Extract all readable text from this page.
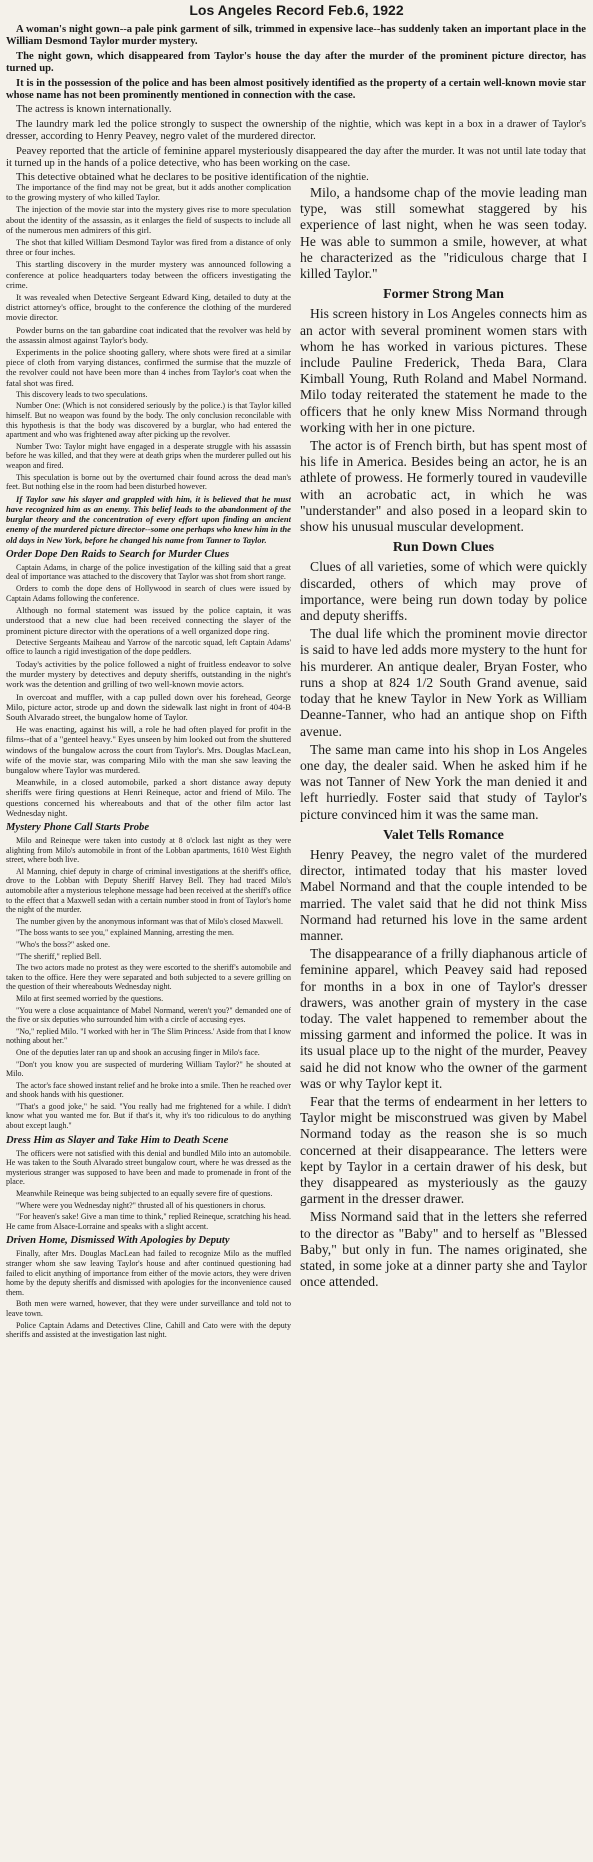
Los Angeles Record Feb.6, 1922

A woman's night gown--a pale pink garment of silk, trimmed in expensive lace--has suddenly taken an important place in the William Desmond Taylor murder mystery.

The night gown, which disappeared from Taylor's house the day after the murder of the prominent picture director, has turned up.

It is in the possession of the police and has been almost positively identified as the property of a certain well-known movie star whose name has not been prominently mentioned in connection with the case.

The actress is known internationally.

The laundry mark led the police strongly to suspect the ownership of the nightie, which was kept in a box in a drawer of Taylor's dresser, according to Henry Peavey, negro valet of the murdered director.

Peavey reported that the article of feminine apparel mysteriously disappeared the day after the murder. It was not until late today that it turned up in the hands of a police detective, who has been working on the case.

This detective obtained what he declares to be positive identification of the nightie.

The importance of the find may not be great, but it adds another complication to the growing mystery of who killed Taylor.

The injection of the movie star into the mystery gives rise to more speculation about the identity of the assassin, as it enlarges the field of suspects to include all of the numerous men admirers of this girl.

The shot that killed William Desmond Taylor was fired from a distance of only three or four inches.

This startling discovery in the murder mystery was announced following a conference at police headquarters today between the officers investigating the crime.

It was revealed when Detective Sergeant Edward King, detailed to duty at the district attorney's office, brought to the conference the clothing of the murdered movie director.

Powder burns on the tan gabardine coat indicated that the revolver was held by the assassin almost against Taylor's body.

Experiments in the police shooting gallery, where shots were fired at a similar piece of cloth from varying distances, confirmed the surmise that the muzzle of the revolver could not have been more than 4 inches from Taylor's coat when the fatal shot was fired.

This discovery leads to two speculations.

Number One: (Which is not considered seriously by the police.) is that Taylor killed himself. But no weapon was found by the body. The only conclusion reconcilable with this hypothesis is that the body was discovered by a burglar, who had entered the apartment and who was frightened away after picking up the revolver.

Number Two: Taylor might have engaged in a desperate struggle with his assassin before he was killed, and that they were at death grips when the murderer pulled out his weapon and fired.

This speculation is borne out by the overturned chair found across the dead man's feet. But nothing else in the room had been disturbed however.

If Taylor saw his slayer and grappled with him, it is believed that he must have recognized him as an enemy. This belief leads to the abandonment of the burglar theory and the concentration of every effort upon finding an ancient enemy of the murdered picture director--some one perhaps who knew him in the old days in New York, before he changed his name from Tanner to Taylor.

Order Dope Den Raids to Search for Murder Clues

Captain Adams, in charge of the police investigation of the killing said that a great deal of importance was attached to the discovery that Taylor was shot from short range.

Orders to comb the dope dens of Hollywood in search of clues were issued by Captain Adams following the conference.

Although no formal statement was issued by the police captain, it was understood that a new clue had been received connecting the slayer of the prominent picture director with the operations of a well organized dope ring.

Detective Sergeants Maiheau and Yarrow of the narcotic squad, left Captain Adams' office to launch a rigid investigation of the dope peddlers.

Today's activities by the police followed a night of fruitless endeavor to solve the murder mystery by detectives and deputy sheriffs, outstanding in the night's work was the detention and grilling of two well-known movie actors.

In overcoat and muffler, with a cap pulled down over his forehead, George Milo, picture actor, strode up and down the sidewalk last night in front of 404-B South Alvarado street, the bungalow home of Taylor.

He was enacting, against his will, a role he had often played for profit in the films--that of a "genteel heavy." Eyes unseen by him looked out from the shuttered windows of the bungalow across the court from Taylor's. Mrs. Douglas MacLean, wife of the movie star, was comparing Milo with the man she saw leaving the bungalow where Taylor was murdered.

Meanwhile, in a closed automobile, parked a short distance away deputy sheriffs were firing questions at Henri Reineque, actor and friend of Milo. The questions concerned his whereabouts and that of the other film actor last Wednesday night.

Mystery Phone Call Starts Probe

Milo and Reineque were taken into custody at 8 o'clock last night as they were alighting from Milo's automobile in front of the Lobban apartments, 1610 West Eighth street, where both live.

Al Manning, chief deputy in charge of criminal investigations at the sheriff's office, drove to the Lobban with Deputy Sheriff Harvey Bell. They had traced Milo's automobile after a mysterious telephone message had been received at the sheriff's office to the effect that a Maxwell sedan with a certain number stood in front of Taylor's home the night of the murder.

The number given by the anonymous informant was that of Milo's closed Maxwell.

"The boss wants to see you," explained Manning, arresting the men.

"Who's the boss?" asked one.

"The sheriff," replied Bell.

The two actors made no protest as they were escorted to the sheriff's automobile and taken to the office. Here they were separated and both subjected to a severe grilling on the question of their whereabouts Wednesday night.

Milo at first seemed worried by the questions.

"You were a close acquaintance of Mabel Normand, weren't you?" demanded one of the five or six deputies who surrounded him with a circle of accusing eyes.

"No," replied Milo. "I worked with her in 'The Slim Princess.' Aside from that I know nothing about her."

One of the deputies later ran up and shook an accusing finger in Milo's face.

"Don't you know you are suspected of murdering William Taylor?" he shouted at Milo.

The actor's face showed instant relief and he broke into a smile. Then he reached over and shook hands with his questioner.

"That's a good joke," he said. "You really had me frightened for a while. I didn't know what you wanted me for. But if that's it, why it's too ridiculous to do anything about except laugh."

Dress Him as Slayer and Take Him to Death Scene

The officers were not satisfied with this denial and bundled Milo into an automobile. He was taken to the South Alvarado street bungalow court, where he was dressed as the mysterious stranger was supposed to have been and made to promenade in front of the place.

Meanwhile Reineque was being subjected to an equally severe fire of questions.

"Where were you Wednesday night?" thrusted all of his questioners in chorus.

"For heaven's sake! Give a man time to think," replied Reineque, scratching his head. He came from Alsace-Lorraine and speaks with a slight accent.

Driven Home, Dismissed With Apologies by Deputy

Finally, after Mrs. Douglas MacLean had failed to recognize Milo as the muffled stranger whom she saw leaving Taylor's house and after continued questioning had failed to elicit anything of importance from either of the movie actors, they were driven home by the deputy sheriffs and dismissed with apologies for the inconvenience caused them.

Both men were warned, however, that they were under surveillance and told not to leave town.

Police Captain Adams and Detectives Cline, Cahill and Cato were with the deputy sheriffs and assisted at the investigation last night.

Milo, a handsome chap of the movie leading man type, was still somewhat staggered by his experience of last night, when he was seen today. He was able to summon a smile, however, at what he characterized as the "ridiculous charge that I killed Taylor."

Former Strong Man

His screen history in Los Angeles connects him as an actor with several prominent women stars with whom he has worked in various pictures. These include Pauline Frederick, Theda Bara, Clara Kimball Young, Ruth Roland and Mabel Normand. Milo today reiterated the statement he made to the officers that he only knew Miss Normand through working with her in one picture.

The actor is of French birth, but has spent most of his life in America. Besides being an actor, he is an athlete of prowess. He formerly toured in vaudeville with an acrobatic act, in which he was "understander" and also posed in a leopard skin to show his unusual muscular development.

Run Down Clues

Clues of all varieties, some of which were quickly discarded, others of which may prove of importance, were being run down today by police and deputy sheriffs.

The dual life which the prominent movie director is said to have led adds more mystery to the hunt for his murderer. An antique dealer, Bryan Foster, who runs a shop at 824 1/2 South Grand avenue, said today that he knew Taylor in New York as William Deanne-Tanner, who had an antique shop on Fifth avenue.

The same man came into his shop in Los Angeles one day, the dealer said. When he asked him if he was not Tanner of New York the man denied it and left hurriedly. Foster said that study of Taylor's picture convinced him it was the same man.

Valet Tells Romance

Henry Peavey, the negro valet of the murdered director, intimated today that his master loved Mabel Normand and that the couple intended to be married. The valet said that he did not think Miss Normand had returned his love in the same ardent manner.

The disappearance of a frilly diaphanous article of feminine apparel, which Peavey said had reposed for months in a box in one of Taylor's dresser drawers, was another grain of mystery in the case today. The valet happened to remember about the missing garment and informed the police. It was in its usual place up to the night of the murder, Peavey said he did not know who the owner of the garment was or why Taylor kept it.

Fear that the terms of endearment in her letters to Taylor might be misconstrued was given by Mabel Normand today as the reason she is so much concerned at their disappearance. The letters were kept by Taylor in a certain drawer of his desk, but they disappeared as mysteriously as the gauzy garment in the dresser drawer.

Miss Normand said that in the letters she referred to the director as "Baby" and to herself as "Blessed Baby," but only in fun. The names originated, she stated, in some joke at a dinner party she and Taylor once attended.
